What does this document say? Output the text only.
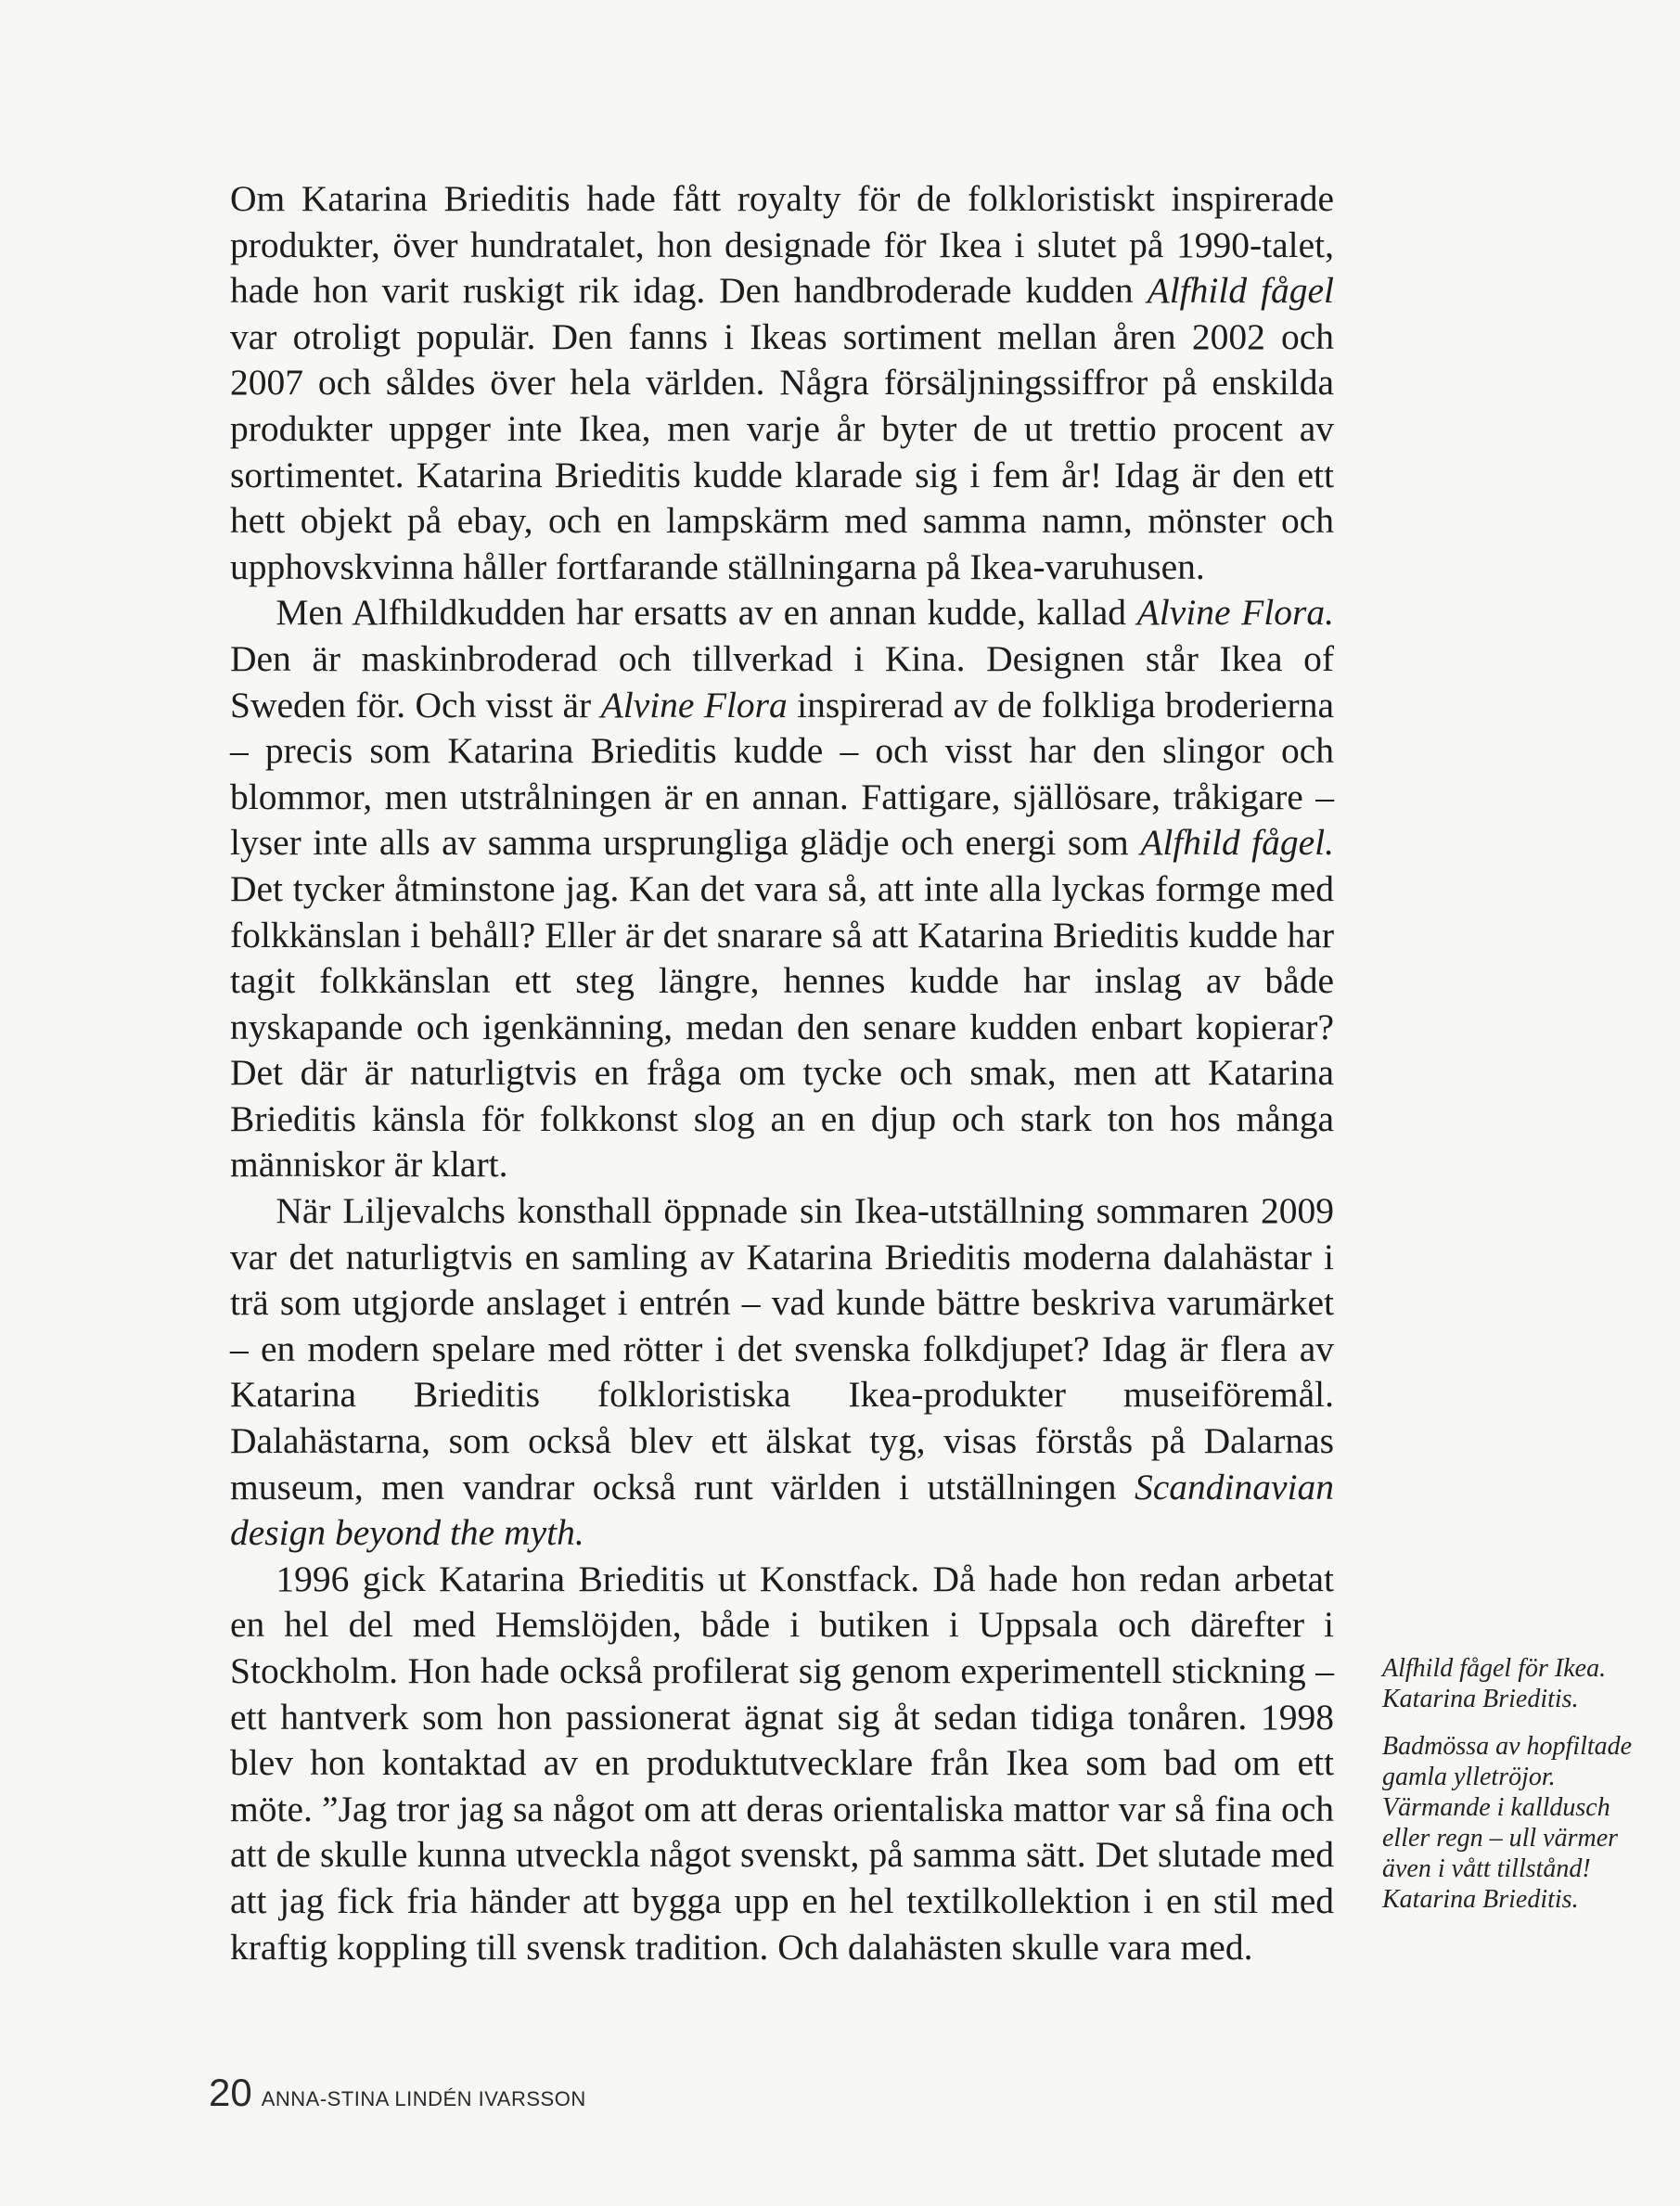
Om Katarina Brieditis hade fått royalty för de folkloristiskt inspirerade produkter, över hundratalet, hon designade för Ikea i slutet på 1990-talet, hade hon varit ruskigt rik idag. Den handbroderade kudden Alfhild fågel var otroligt populär. Den fanns i Ikeas sortiment mellan åren 2002 och 2007 och såldes över hela världen. Några försäljningssiffror på enskilda produkter uppger inte Ikea, men varje år byter de ut trettio procent av sortimentet. Katarina Brieditis kudde klarade sig i fem år! Idag är den ett hett objekt på ebay, och en lampskärm med samma namn, mönster och upphovskvinna håller fortfarande ställningarna på Ikea-varuhusen.

Men Alfhildkudden har ersatts av en annan kudde, kallad Alvine Flora. Den är maskinbroderad och tillverkad i Kina. Designen står Ikea of Sweden för. Och visst är Alvine Flora inspirerad av de folkliga broderierna – precis som Katarina Brieditis kudde – och visst har den slingor och blommor, men utstrålningen är en annan. Fattigare, själlösare, tråkigare – lyser inte alls av samma ursprungliga glädje och energi som Alfhild fågel. Det tycker åtminstone jag. Kan det vara så, att inte alla lyckas formge med folkkänslan i behåll? Eller är det snarare så att Katarina Brieditis kudde har tagit folkkänslan ett steg längre, hennes kudde har inslag av både nyskapande och igenkänning, medan den senare kudden enbart kopierar? Det där är naturligtvis en fråga om tycke och smak, men att Katarina Brieditis känsla för folkkonst slog an en djup och stark ton hos många människor är klart.

När Liljevalchs konsthall öppnade sin Ikea-utställning sommaren 2009 var det naturligtvis en samling av Katarina Brieditis moderna dalahästar i trä som utgjorde anslaget i entrén – vad kunde bättre beskriva varumärket – en modern spelare med rötter i det svenska folkdjupet? Idag är flera av Katarina Brieditis folkloristiska Ikea-produkter museiföremål. Dalahästarna, som också blev ett älskat tyg, visas förstås på Dalarnas museum, men vandrar också runt världen i utställningen Scandinavian design beyond the myth.

1996 gick Katarina Brieditis ut Konstfack. Då hade hon redan arbetat en hel del med Hemslöjden, både i butiken i Uppsala och därefter i Stockholm. Hon hade också profilerat sig genom experimentell stickning – ett hantverk som hon passionerat ägnat sig åt sedan tidiga tonåren. 1998 blev hon kontaktad av en produktutvecklare från Ikea som bad om ett möte. ”Jag tror jag sa något om att deras orientaliska mattor var så fina och att de skulle kunna utveckla något svenskt, på samma sätt. Det slutade med att jag fick fria händer att bygga upp en hel textilkollektion i en stil med kraftig koppling till svensk tradition. Och dalahästen skulle vara med.

Alfhild fågel för Ikea. Katarina Brieditis.

Badmössa av hopfiltade gamla ylletröjor. Värmande i kalldusch eller regn – ull värmer även i vått tillstånd! Katarina Brieditis.

20 ANNA-STINA LINDÉN IVARSSON
